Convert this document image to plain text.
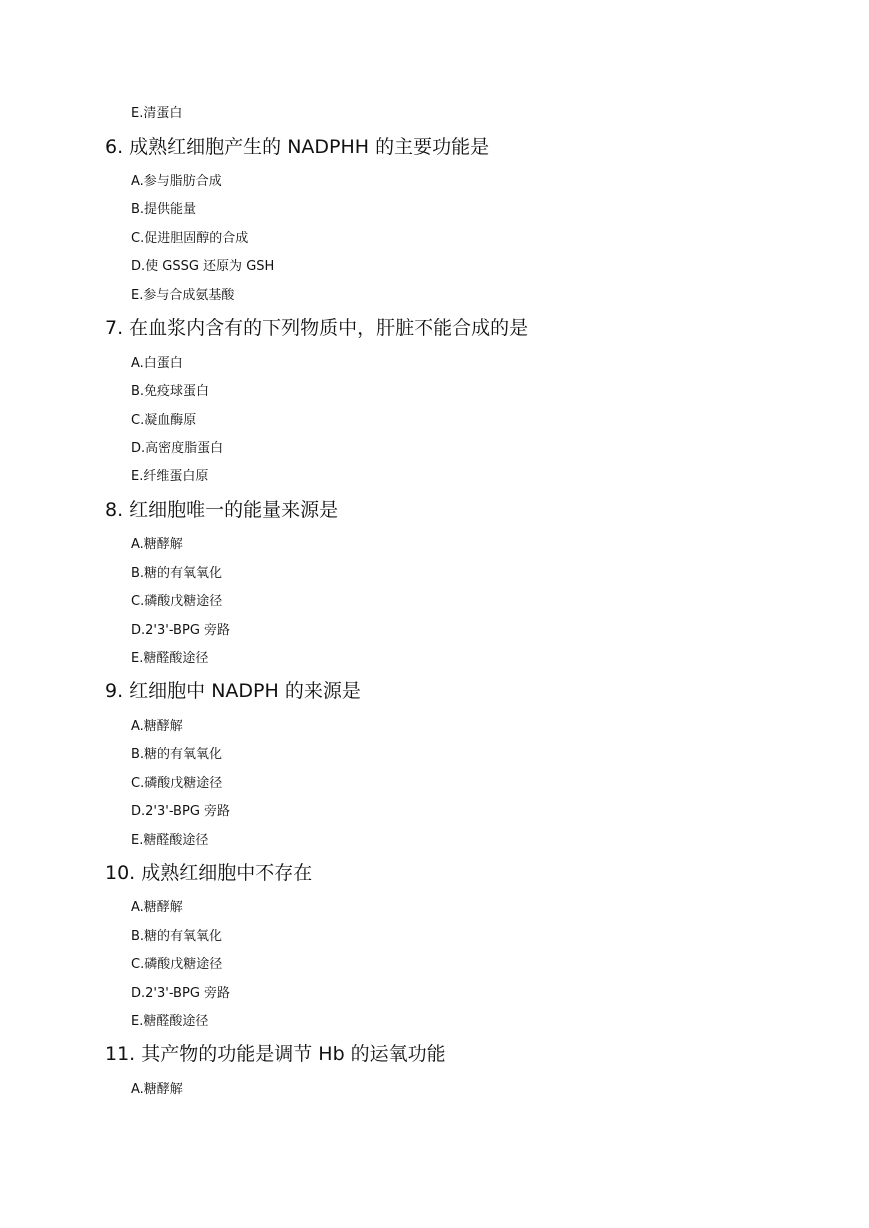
E.清蛋白
6. 成熟红细胞产生的 NADPHH 的主要功能是
A.参与脂肪合成
B.提供能量
C.促进胆固醇的合成
D.使 GSSG 还原为 GSH
E.参与合成氨基酸
7. 在血浆内含有的下列物质中，肝脏不能合成的是
A.白蛋白
B.免疫球蛋白
C.凝血酶原
D.高密度脂蛋白
E.纤维蛋白原
8. 红细胞唯一的能量来源是
A.糖酵解
B.糖的有氧氧化
C.磷酸戊糖途径
D.2'3'-BPG 旁路
E.糖醛酸途径
9. 红细胞中 NADPH 的来源是
A.糖酵解
B.糖的有氧氧化
C.磷酸戊糖途径
D.2'3'-BPG 旁路
E.糖醛酸途径
10. 成熟红细胞中不存在
A.糖酵解
B.糖的有氧氧化
C.磷酸戊糖途径
D.2'3'-BPG 旁路
E.糖醛酸途径
11. 其产物的功能是调节 Hb 的运氧功能
A.糖酵解
